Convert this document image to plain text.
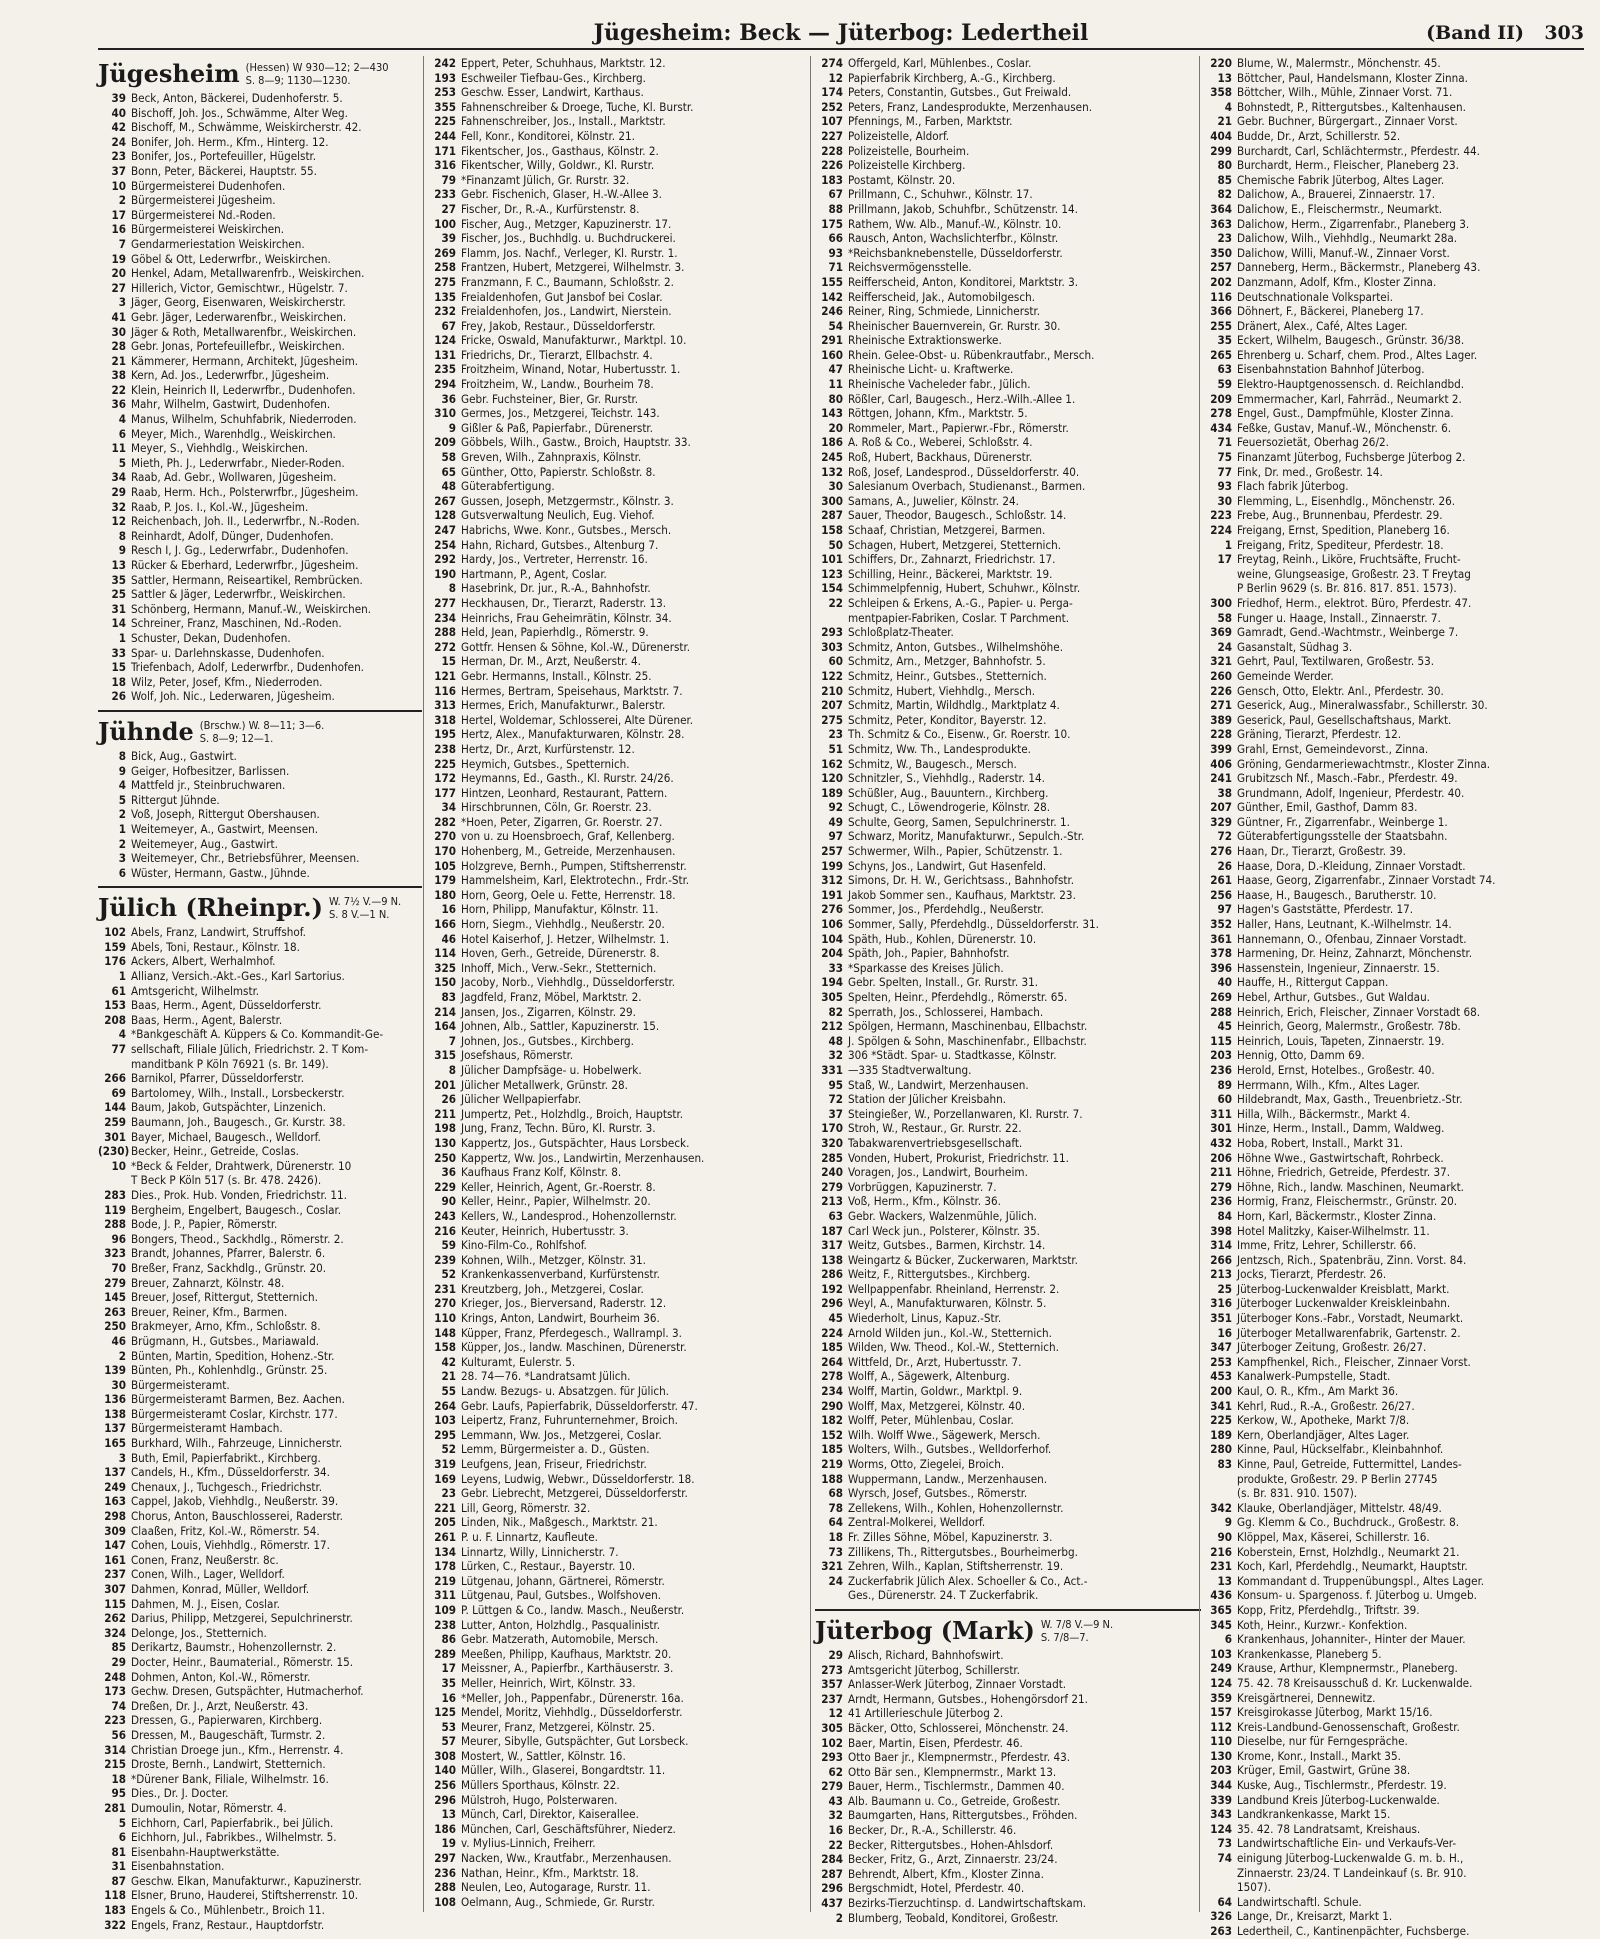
Jügesheim: Beck — Jüterbog: Ledertheil	(Band II) 303
Jügesheim (Hessen) W 930—12; 2—430
S. 8—9; 1130—1230.
39 Beck, Anton, Bäckerei, Dudenhoferstr. 5.
40 Bischoff, Joh. Jos., Schwämme, Alter Weg.
42 Bischoff, M., Schwämme, Weiskircherstr. 42.
24 Bonifer, Joh. Herm., Kfm., Hinterg. 12.
23 Bonifer, Jos., Portefeuiller, Hügelstr.
37 Bonn, Peter, Bäckerei, Hauptstr. 55.
10 Bürgermeisterei Dudenhofen.
2 Bürgermeisterei Jügesheim.
17 Bürgermeisterei Nd.-Roden.
16 Bürgermeisterei Weiskirchen.
7 Gendarmeriestation Weiskirchen.
19 Göbel & Ott, Lederwrfbr., Weiskirchen.
20 Henkel, Adam, Metallwarenfrb., Weiskirchen.
27 Hillerich, Victor, Gemischtwr., Hügelstr. 7.
3 Jäger, Georg, Eisenwaren, Weiskircherstr.
41 Gebr. Jäger, Lederwarenfbr., Weiskirchen.
30 Jäger & Roth, Metallwarenfbr., Weiskirchen.
28 Gebr. Jonas, Portefeuillefbr., Weiskirchen.
21 Kämmerer, Hermann, Architekt, Jügesheim.
38 Kern, Ad. Jos., Lederwrfbr., Jügesheim.
22 Klein, Heinrich II, Lederwrfbr., Dudenhofen.
36 Mahr, Wilhelm, Gastwirt, Dudenhofen.
4 Manus, Wilhelm, Schuhfabrik, Niederroden.
6 Meyer, Mich., Warenhdlg., Weiskirchen.
11 Meyer, S., Viehhdlg., Weiskirchen.
5 Mieth, Ph. J., Lederwrfabr., Nieder-Roden.
34 Raab, Ad. Gebr., Wollwaren, Jügesheim.
29 Raab, Herm. Hch., Polsterwrfbr., Jügesheim.
32 Raab, P. Jos. I., Kol.-W., Jügesheim.
12 Reichenbach, Joh. II., Lederwrfbr., N.-Roden.
8 Reinhardt, Adolf, Dünger, Dudenhofen.
9 Resch I, J. Gg., Lederwrfabr., Dudenhofen.
13 Rücker & Eberhard, Lederwrfbr., Jügesheim.
35 Sattler, Hermann, Reiseartikel, Rembrücken.
25 Sattler & Jäger, Lederwrfbr., Weiskirchen.
31 Schönberg, Hermann, Manuf.-W., Weiskirchen.
14 Schreiner, Franz, Maschinen, Nd.-Roden.
1 Schuster, Dekan, Dudenhofen.
33 Spar- u. Darlehnskasse, Dudenhofen.
15 Triefenbach, Adolf, Lederwrfbr., Dudenhofen.
18 Wilz, Peter, Josef, Kfm., Niederroden.
26 Wolf, Joh. Nic., Lederwaren, Jügesheim.
Jühnde (Brschw.) W. 8—11; 3—6.
S. 8—9; 12—1.
8 Bick, Aug., Gastwirt.
9 Geiger, Hofbesitzer, Barlissen.
4 Mattfeld jr., Steinbruchwaren.
5 Rittergut Jühnde.
2 Voß, Joseph, Rittergut Obershausen.
1 Weitemeyer, A., Gastwirt, Meensen.
2 Weitemeyer, Aug., Gastwirt.
3 Weitemeyer, Chr., Betriebsführer, Meensen.
6 Wüster, Hermann, Gastw., Jühnde.
Jülich (Rheinpr.) W. 7½ V.—9 N.
S. 8 V.—1 N.
102 Abels, Franz, Landwirt, Struffshof.
159 Abels, Toni, Restaur., Kölnstr. 18.
176 Ackers, Albert, Werhalmhof.
1 Allianz, Versich.-Akt.-Ges., Karl Sartorius.
61 Amtsgericht, Wilhelmstr.
153 Baas, Herm., Agent, Düsseldorferstr.
208 Baas, Herm., Agent, Balerstr.
4 *Bankgeschäft A. Küppers & Co. Kommandit-Ge-
77 sellschaft, Filiale Jülich, Friedrichstr. 2. T Kom-
manditbank P Köln 76921 (s. Br. 149).
266 Barnikol, Pfarrer, Düsseldorferstr.
69 Bartolomey, Wilh., Install., Lorsbeckerstr.
144 Baum, Jakob, Gutspächter, Linzenich.
259 Baumann, Joh., Baugesch., Gr. Kurstr. 38.
301 Bayer, Michael, Baugesch., Welldorf.
(230) Becker, Heinr., Getreide, Coslas.
10 *Beck & Felder, Drahtwerk, Dürenerstr. 10
T Beck P Köln 517 (s. Br. 478. 2426).
283 Dies., Prok. Hub. Vonden, Friedrichstr. 11.
119 Bergheim, Engelbert, Baugesch., Coslar.
288 Bode, J. P., Papier, Römerstr.
96 Bongers, Theod., Sackhdlg., Römerstr. 2.
323 Brandt, Johannes, Pfarrer, Balerstr. 6.
70 Breßer, Franz, Sackhdlg., Grünstr. 20.
279 Breuer, Zahnarzt, Kölnstr. 48.
145 Breuer, Josef, Rittergut, Stetternich.
263 Breuer, Reiner, Kfm., Barmen.
250 Brakmeyer, Arno, Kfm., Schloßstr. 8.
46 Brügmann, H., Gutsbes., Mariawald.
2 Bünten, Martin, Spedition, Hohenz.-Str.
139 Bünten, Ph., Kohlenhdlg., Grünstr. 25.
30 Bürgermeisteramt.
136 Bürgermeisteramt Barmen, Bez. Aachen.
138 Bürgermeisteramt Coslar, Kirchstr. 177.
137 Bürgermeisteramt Hambach.
165 Burkhard, Wilh., Fahrzeuge, Linnicherstr.
3 Buth, Emil, Papierfabrikt., Kirchberg.
137 Candels, H., Kfm., Düsseldorferstr. 34.
249 Chenaux, J., Tuchgesch., Friedrichstr.
163 Cappel, Jakob, Viehhdlg., Neußerstr. 39.
298 Chorus, Anton, Bauschlosserei, Raderstr.
309 Claaßen, Fritz, Kol.-W., Römerstr. 54.
147 Cohen, Louis, Viehhdlg., Römerstr. 17.
161 Conen, Franz, Neußerstr. 8c.
237 Conen, Wilh., Lager, Welldorf.
307 Dahmen, Konrad, Müller, Welldorf.
115 Dahmen, M. J., Eisen, Coslar.
262 Darius, Philipp, Metzgerei, Sepulchrinerstr.
324 Delonge, Jos., Stetternich.
85 Derikartz, Baumstr., Hohenzollernstr. 2.
29 Docter, Heinr., Baumaterial., Römerstr. 15.
248 Dohmen, Anton, Kol.-W., Römerstr.
173 Gechw. Dresen, Gutspächter, Hutmacherhof.
74 Dreßen, Dr. J., Arzt, Neußerstr. 43.
223 Dressen, G., Papierwaren, Kirchberg.
56 Dressen, M., Baugeschäft, Turmstr. 2.
314 Christian Droege jun., Kfm., Herrenstr. 4.
215 Droste, Bernh., Landwirt, Stetternich.
18 *Dürener Bank, Filiale, Wilhelmstr. 16.
95 Dies., Dr. J. Docter.
281 Dumoulin, Notar, Römerstr. 4.
5 Eichhorn, Carl, Papierfabrik., bei Jülich.
6 Eichhorn, Jul., Fabrikbes., Wilhelmstr. 5.
81 Eisenbahn-Hauptwerkstätte.
31 Eisenbahnstation.
87 Geschw. Elkan, Manufakturwr., Kapuzinerstr.
118 Elsner, Bruno, Hauderei, Stiftsherrenstr. 10.
183 Engels & Co., Mühlenbetr., Broich 11.
322 Engels, Franz, Restaur., Hauptdorfstr.
242 Eppert, Peter, Schuhhaus, Marktstr. 12.
193 Eschweiler Tiefbau-Ges., Kirchberg.
253 Geschw. Esser, Landwirt, Karthaus.
355 Fahnenschreiber & Droege, Tuche, Kl. Burstr.
225 Fahnenschreiber, Jos., Install., Marktstr.
244 Fell, Konr., Konditorei, Kölnstr. 21.
171 Fikentscher, Jos., Gasthaus, Kölnstr. 2.
316 Fikentscher, Willy, Goldwr., Kl. Rurstr.
79 *Finanzamt Jülich, Gr. Rurstr. 32.
233 Gebr. Fischenich, Glaser, H.-W.-Allee 3.
27 Fischer, Dr., R.-A., Kurfürstenstr. 8.
100 Fischer, Aug., Metzger, Kapuzinerstr. 17.
39 Fischer, Jos., Buchhdlg. u. Buchdruckerei.
269 Flamm, Jos. Nachf., Verleger, Kl. Rurstr. 1.
258 Frantzen, Hubert, Metzgerei, Wilhelmstr. 3.
275 Franzmann, F. C., Baumann, Schloßstr. 2.
135 Freialdenhofen, Gut Jansbof bei Coslar.
232 Freialdenhofen, Jos., Landwirt, Nierstein.
67 Frey, Jakob, Restaur., Düsseldorferstr.
124 Fricke, Oswald, Manufakturwr., Marktpl. 10.
131 Friedrichs, Dr., Tierarzt, Ellbachstr. 4.
235 Froitzheim, Winand, Notar, Hubertusstr. 1.
294 Froitzheim, W., Landw., Bourheim 78.
36 Gebr. Fuchsteiner, Bier, Gr. Rurstr.
310 Germes, Jos., Metzgerei, Teichstr. 143.
9 Gißler & Paß, Papierfabr., Dürenerstr.
209 Göbbels, Wilh., Gastw., Broich, Hauptstr. 33.
58 Greven, Wilh., Zahnpraxis, Kölnstr.
65 Günther, Otto, Papierstr. Schloßstr. 8.
48 Güterabfertigung.
267 Gussen, Joseph, Metzgermstr., Kölnstr. 3.
128 Gutsverwaltung Neulich, Eug. Viehof.
247 Habrichs, Wwe. Konr., Gutsbes., Mersch.
254 Hahn, Richard, Gutsbes., Altenburg 7.
292 Hardy, Jos., Vertreter, Herrenstr. 16.
190 Hartmann, P., Agent, Coslar.
8 Hasebrink, Dr. jur., R.-A., Bahnhofstr.
277 Heckhausen, Dr., Tierarzt, Raderstr. 13.
234 Heinrichs, Frau Geheimrätin, Kölnstr. 34.
288 Held, Jean, Papierhdlg., Römerstr. 9.
272 Gottfr. Hensen & Söhne, Kol.-W., Dürenerstr.
15 Herman, Dr. M., Arzt, Neußerstr. 4.
121 Gebr. Hermanns, Install., Kölnstr. 25.
116 Hermes, Bertram, Speisehaus, Marktstr. 7.
313 Hermes, Erich, Manufakturwr., Balerstr.
318 Hertel, Woldemar, Schlosserei, Alte Dürener.
195 Hertz, Alex., Manufakturwaren, Kölnstr. 28.
238 Hertz, Dr., Arzt, Kurfürstenstr. 12.
225 Heymich, Gutsbes., Spetternich.
172 Heymanns, Ed., Gasth., Kl. Rurstr. 24/26.
177 Hintzen, Leonhard, Restaurant, Pattern.
34 Hirschbrunnen, Cöln, Gr. Roerstr. 23.
282 *Hoen, Peter, Zigarren, Gr. Roerstr. 27.
270 von u. zu Hoensbroech, Graf, Kellenberg.
170 Hohenberg, M., Getreide, Merzenhausen.
105 Holzgreve, Bernh., Pumpen, Stiftsherrenstr.
179 Hammelsheim, Karl, Elektrotechn., Frdr.-Str.
180 Horn, Georg, Oele u. Fette, Herrenstr. 18.
16 Horn, Philipp, Manufaktur, Kölnstr. 11.
166 Horn, Siegm., Viehhdlg., Neußerstr. 20.
46 Hotel Kaiserhof, J. Hetzer, Wilhelmstr. 1.
114 Hoven, Gerh., Getreide, Dürenerstr. 8.
325 Inhoff, Mich., Verw.-Sekr., Stetternich.
150 Jacoby, Norb., Viehhdlg., Düsseldorferstr.
83 Jagdfeld, Franz, Möbel, Marktstr. 2.
214 Jansen, Jos., Zigarren, Kölnstr. 29.
164 Johnen, Alb., Sattler, Kapuzinerstr. 15.
7 Johnen, Jos., Gutsbes., Kirchberg.
315 Josefshaus, Römerstr.
8 Jülicher Dampfsäge- u. Hobelwerk.
201 Jülicher Metallwerk, Grünstr. 28.
26 Jülicher Wellpapierfabr.
211 Jumpertz, Pet., Holzhdlg., Broich, Hauptstr.
198 Jung, Franz, Techn. Büro, Kl. Rurstr. 3.
130 Kappertz, Jos., Gutspächter, Haus Lorsbeck.
250 Kappertz, Ww. Jos., Landwirtin, Merzenhausen.
36 Kaufhaus Franz Kolf, Kölnstr. 8.
229 Keller, Heinrich, Agent, Gr.-Roerstr. 8.
90 Keller, Heinr., Papier, Wilhelmstr. 20.
243 Kellers, W., Landesprod., Hohenzollernstr.
216 Keuter, Heinrich, Hubertusstr. 3.
59 Kino-Film-Co., Rohlfshof.
239 Kohnen, Wilh., Metzger, Kölnstr. 31.
52 Krankenkassenverband, Kurfürstenstr.
231 Kreutzberg, Joh., Metzgerei, Coslar.
270 Krieger, Jos., Bierversand, Raderstr. 12.
110 Krings, Anton, Landwirt, Bourheim 36.
148 Küpper, Franz, Pferdegesch., Wallrampl. 3.
158 Küpper, Jos., landw. Maschinen, Dürenerstr.
42 Kulturamt, Eulerstr. 5.
21 28. 74—76. *Landratsamt Jülich.
55 Landw. Bezugs- u. Absatzgen. für Jülich.
264 Gebr. Laufs, Papierfabrik, Düsseldorferstr. 47.
103 Leipertz, Franz, Fuhrunternehmer, Broich.
295 Lemmann, Ww. Jos., Metzgerei, Coslar.
52 Lemm, Bürgermeister a. D., Güsten.
319 Leufgens, Jean, Friseur, Friedrichstr.
169 Leyens, Ludwig, Webwr., Düsseldorferstr. 18.
23 Gebr. Liebrecht, Metzgerei, Düsseldorferstr.
221 Lill, Georg, Römerstr. 32.
205 Linden, Nik., Maßgesch., Marktstr. 21.
261 P. u. F. Linnartz, Kaufleute.
134 Linnartz, Willy, Linnicherstr. 7.
178 Lürken, C., Restaur., Bayerstr. 10.
219 Lütgenau, Johann, Gärtnerei, Römerstr.
311 Lütgenau, Paul, Gutsbes., Wolfshoven.
109 P. Lüttgen & Co., landw. Masch., Neußerstr.
238 Lutter, Anton, Holzhdlg., Pasqualinistr.
86 Gebr. Matzerath, Automobile, Mersch.
289 Meeßen, Philipp, Kaufhaus, Marktstr. 20.
17 Meissner, A., Papierfbr., Karthäuserstr. 3.
35 Meller, Heinrich, Wirt, Kölnstr. 33.
16 *Meller, Joh., Pappenfabr., Dürenerstr. 16a.
125 Mendel, Moritz, Viehhdlg., Düsseldorferstr.
53 Meurer, Franz, Metzgerei, Kölnstr. 25.
57 Meurer, Sibylle, Gutspächter, Gut Lorsbeck.
308 Mostert, W., Sattler, Kölnstr. 16.
140 Müller, Wilh., Glaserei, Bongardtstr. 11.
256 Müllers Sporthaus, Kölnstr. 22.
296 Mülstroh, Hugo, Polsterwaren.
13 Münch, Carl, Direktor, Kaiserallee.
186 München, Carl, Geschäftsführer, Niederz.
19 v. Mylius-Linnich, Freiherr.
297 Nacken, Ww., Krautfabr., Merzenhausen.
236 Nathan, Heinr., Kfm., Marktstr. 18.
288 Neulen, Leo, Autogarage, Rurstr. 11.
108 Oelmann, Aug., Schmiede, Gr. Rurstr.
274 Offergeld, Karl, Mühlenbes., Coslar.
12 Papierfabrik Kirchberg, A.-G., Kirchberg.
174 Peters, Constantin, Gutsbes., Gut Freiwald.
252 Peters, Franz, Landesprodukte, Merzenhausen.
107 Pfennings, M., Farben, Marktstr.
227 Polizeistelle, Aldorf.
228 Polizeistelle, Bourheim.
226 Polizeistelle Kirchberg.
183 Postamt, Kölnstr. 20.
67 Prillmann, C., Schuhwr., Kölnstr. 17.
88 Prillmann, Jakob, Schuhfbr., Schützenstr. 14.
175 Rathem, Ww. Alb., Manuf.-W., Kölnstr. 10.
66 Rausch, Anton, Wachslichterfbr., Kölnstr.
93 *Reichsbanknebenstelle, Düsseldorferstr.
71 Reichsvermögensstelle.
155 Reifferscheid, Anton, Konditorei, Marktstr. 3.
142 Reifferscheid, Jak., Automobilgesch.
246 Reiner, Ring, Schmiede, Linnicherstr.
54 Rheinischer Bauernverein, Gr. Rurstr. 30.
291 Rheinische Extraktionswerke.
160 Rhein. Gelee-Obst- u. Rübenkrautfabr., Mersch.
47 Rheinische Licht- u. Kraftwerke.
11 Rheinische Vacheleder fabr., Jülich.
80 Rößler, Carl, Baugesch., Herz.-Wilh.-Allee 1.
143 Röttgen, Johann, Kfm., Marktstr. 5.
20 Rommeler, Mart., Papierwr.-Fbr., Römerstr.
186 A. Roß & Co., Weberei, Schloßstr. 4.
245 Roß, Hubert, Backhaus, Dürenerstr.
132 Roß, Josef, Landesprod., Düsseldorferstr. 40.
30 Salesianum Overbach, Studienanst., Barmen.
300 Samans, A., Juwelier, Kölnstr. 24.
287 Sauer, Theodor, Baugesch., Schloßstr. 14.
158 Schaaf, Christian, Metzgerei, Barmen.
50 Schagen, Hubert, Metzgerei, Stetternich.
101 Schiffers, Dr., Zahnarzt, Friedrichstr. 17.
123 Schilling, Heinr., Bäckerei, Marktstr. 19.
154 Schimmelpfennig, Hubert, Schuhwr., Kölnstr.
22 Schleipen & Erkens, A.-G., Papier- u. Perga-
mentpapier-Fabriken, Coslar. T Parchment.
293 Schloßplatz-Theater.
303 Schmitz, Anton, Gutsbes., Wilhelmshöhe.
60 Schmitz, Arn., Metzger, Bahnhofstr. 5.
122 Schmitz, Heinr., Gutsbes., Stetternich.
210 Schmitz, Hubert, Viehhdlg., Mersch.
207 Schmitz, Martin, Wildhdlg., Marktplatz 4.
275 Schmitz, Peter, Konditor, Bayerstr. 12.
23 Th. Schmitz & Co., Eisenw., Gr. Roerstr. 10.
51 Schmitz, Ww. Th., Landesprodukte.
162 Schmitz, W., Baugesch., Mersch.
120 Schnitzler, S., Viehhdlg., Raderstr. 14.
189 Schüßler, Aug., Bauuntern., Kirchberg.
92 Schugt, C., Löwendrogerie, Kölnstr. 28.
49 Schulte, Georg, Samen, Sepulchrinerstr. 1.
97 Schwarz, Moritz, Manufakturwr., Sepulch.-Str.
257 Schwermer, Wilh., Papier, Schützenstr. 1.
199 Schyns, Jos., Landwirt, Gut Hasenfeld.
312 Simons, Dr. H. W., Gerichtsass., Bahnhofstr.
191 Jakob Sommer sen., Kaufhaus, Marktstr. 23.
276 Sommer, Jos., Pferdehdlg., Neußerstr.
106 Sommer, Sally, Pferdehdlg., Düsseldorferstr. 31.
104 Späth, Hub., Kohlen, Dürenerstr. 10.
204 Späth, Joh., Papier, Bahnhofstr.
33 *Sparkasse des Kreises Jülich.
194 Gebr. Spelten, Install., Gr. Rurstr. 31.
305 Spelten, Heinr., Pferdehdlg., Römerstr. 65.
82 Sperrath, Jos., Schlosserei, Hambach.
212 Spölgen, Hermann, Maschinenbau, Ellbachstr.
48 J. Spölgen & Sohn, Maschinenfabr., Ellbachstr.
32 306 *Städt. Spar- u. Stadtkasse, Kölnstr.
331 —335 Stadtverwaltung.
95 Staß, W., Landwirt, Merzenhausen.
72 Station der Jülicher Kreisbahn.
37 Steingießer, W., Porzellanwaren, Kl. Rurstr. 7.
170 Stroh, W., Restaur., Gr. Rurstr. 22.
320 Tabakwarenvertriebsgesellschaft.
285 Vonden, Hubert, Prokurist, Friedrichstr. 11.
240 Voragen, Jos., Landwirt, Bourheim.
279 Vorbrüggen, Kapuzinerstr. 7.
213 Voß, Herm., Kfm., Kölnstr. 36.
63 Gebr. Wackers, Walzenmühle, Jülich.
187 Carl Weck jun., Polsterer, Kölnstr. 35.
317 Weitz, Gutsbes., Barmen, Kirchstr. 14.
138 Weingartz & Bücker, Zuckerwaren, Marktstr.
286 Weitz, F., Rittergutsbes., Kirchberg.
192 Wellpappenfabr. Rheinland, Herrenstr. 2.
296 Weyl, A., Manufakturwaren, Kölnstr. 5.
45 Wiederholt, Linus, Kapuz.-Str.
224 Arnold Wilden jun., Kol.-W., Stetternich.
185 Wilden, Ww. Theod., Kol.-W., Stetternich.
264 Wittfeld, Dr., Arzt, Hubertusstr. 7.
278 Wolff, A., Sägewerk, Altenburg.
234 Wolff, Martin, Goldwr., Marktpl. 9.
290 Wolff, Max, Metzgerei, Kölnstr. 40.
182 Wolff, Peter, Mühlenbau, Coslar.
152 Wilh. Wolff Wwe., Sägewerk, Mersch.
185 Wolters, Wilh., Gutsbes., Welldorferhof.
219 Worms, Otto, Ziegelei, Broich.
188 Wuppermann, Landw., Merzenhausen.
68 Wyrsch, Josef, Gutsbes., Römerstr.
78 Zellekens, Wilh., Kohlen, Hohenzollernstr.
64 Zentral-Molkerei, Welldorf.
18 Fr. Zilles Söhne, Möbel, Kapuzinerstr. 3.
73 Zillikens, Th., Rittergutsbes., Bourheimerbg.
321 Zehren, Wilh., Kaplan, Stiftsherrenstr. 19.
24 Zuckerfabrik Jülich Alex. Schoeller & Co., Act.-
Ges., Dürenerstr. 24. T Zuckerfabrik.
Jüterbog (Mark) W. 7/8 V.—9 N.
S. 7/8—7.
29 Alisch, Richard, Bahnhofswirt.
273 Amtsgericht Jüterbog, Schillerstr.
357 Anlasser-Werk Jüterbog, Zinnaer Vorstadt.
237 Arndt, Hermann, Gutsbes., Hohengörsdorf 21.
12 41 Artillerieschule Jüterbog 2.
305 Bäcker, Otto, Schlosserei, Mönchenstr. 24.
102 Baer, Martin, Eisen, Pferdestr. 46.
293 Otto Baer jr., Klempnermstr., Pferdestr. 43.
62 Otto Bär sen., Klempnermstr., Markt 13.
279 Bauer, Herm., Tischlermstr., Dammen 40.
43 Alb. Baumann u. Co., Getreide, Großestr.
32 Baumgarten, Hans, Rittergutsbes., Fröhden.
16 Becker, Dr., R.-A., Schillerstr. 46.
22 Becker, Rittergutsbes., Hohen-Ahlsdorf.
284 Becker, Fritz, G., Arzt, Zinnaerstr. 23/24.
287 Behrendt, Albert, Kfm., Kloster Zinna.
296 Bergschmidt, Hotel, Pferdestr. 40.
437 Bezirks-Tierzuchtinsp. d. Landwirtschaftskam.
2 Blumberg, Teobald, Konditorei, Großestr.
220 Blume, W., Malermstr., Mönchenstr. 45.
13 Böttcher, Paul, Handelsmann, Kloster Zinna.
358 Böttcher, Wilh., Mühle, Zinnaer Vorst. 71.
4 Bohnstedt, P., Rittergutsbes., Kaltenhausen.
21 Gebr. Buchner, Bürgergart., Zinnaer Vorst.
404 Budde, Dr., Arzt, Schillerstr. 52.
299 Burchardt, Carl, Schlächtermstr., Pferdestr. 44.
80 Burchardt, Herm., Fleischer, Planeberg 23.
85 Chemische Fabrik Jüterbog, Altes Lager.
82 Dalichow, A., Brauerei, Zinnaerstr. 17.
364 Dalichow, E., Fleischermstr., Neumarkt.
363 Dalichow, Herm., Zigarrenfabr., Planeberg 3.
23 Dalichow, Wilh., Viehhdlg., Neumarkt 28a.
350 Dalichow, Willi, Manuf.-W., Zinnaer Vorst.
257 Danneberg, Herm., Bäckermstr., Planeberg 43.
202 Danzmann, Adolf, Kfm., Kloster Zinna.
116 Deutschnationale Volkspartei.
366 Döhnert, F., Bäckerei, Planeberg 17.
255 Dränert, Alex., Café, Altes Lager.
35 Eckert, Wilhelm, Baugesch., Grünstr. 36/38.
265 Ehrenberg u. Scharf, chem. Prod., Altes Lager.
63 Eisenbahnstation Bahnhof Jüterbog.
59 Elektro-Hauptgenossensch. d. Reichlandbd.
209 Emmermacher, Karl, Fahrräd., Neumarkt 2.
278 Engel, Gust., Dampfmühle, Kloster Zinna.
434 Feßke, Gustav, Manuf.-W., Mönchenstr. 6.
71 Feuersozietät, Oberhag 26/2.
75 Finanzamt Jüterbog, Fuchsberge Jüterbog 2.
77 Fink, Dr. med., Großestr. 14.
93 Flach fabrik Jüterbog.
30 Flemming, L., Eisenhdlg., Mönchenstr. 26.
223 Frebe, Aug., Brunnenbau, Pferdestr. 29.
224 Freigang, Ernst, Spedition, Planeberg 16.
1 Freigang, Fritz, Spediteur, Pferdestr. 18.
17 Freytag, Reinh., Liköre, Fruchtsäfte, Frucht-
weine, Glungseasige, Großestr. 23. T Freytag
P Berlin 9629 (s. Br. 816. 817. 851. 1573).
300 Friedhof, Herm., elektrot. Büro, Pferdestr. 47.
58 Funger u. Haage, Install., Zinnaerstr. 7.
369 Gamradt, Gend.-Wachtmstr., Weinberge 7.
24 Gasanstalt, Südhag 3.
321 Gehrt, Paul, Textilwaren, Großestr. 53.
260 Gemeinde Werder.
226 Gensch, Otto, Elektr. Anl., Pferdestr. 30.
271 Geserick, Aug., Mineralwassfabr., Schillerstr. 30.
389 Geserick, Paul, Gesellschaftshaus, Markt.
228 Gräning, Tierarzt, Pferdestr. 12.
399 Grahl, Ernst, Gemeindevorst., Zinna.
406 Gröning, Gendarmeriewachtmstr., Kloster Zinna.
241 Grubitzsch Nf., Masch.-Fabr., Pferdestr. 49.
38 Grundmann, Adolf, Ingenieur, Pferdestr. 40.
207 Günther, Emil, Gasthof, Damm 83.
329 Güntner, Fr., Zigarrenfabr., Weinberge 1.
72 Güterabfertigungsstelle der Staatsbahn.
276 Haan, Dr., Tierarzt, Großestr. 39.
26 Haase, Dora, D.-Kleidung, Zinnaer Vorstadt.
261 Haase, Georg, Zigarrenfabr., Zinnaer Vorstadt 74.
256 Haase, H., Baugesch., Barutherstr. 10.
97 Hagen's Gaststätte, Pferdestr. 17.
352 Haller, Hans, Leutnant, K.-Wilhelmstr. 14.
361 Hannemann, O., Ofenbau, Zinnaer Vorstadt.
378 Harmening, Dr. Heinz, Zahnarzt, Mönchenstr.
396 Hassenstein, Ingenieur, Zinnaerstr. 15.
40 Hauffe, H., Rittergut Cappan.
269 Hebel, Arthur, Gutsbes., Gut Waldau.
288 Heinrich, Erich, Fleischer, Zinnaer Vorstadt 68.
45 Heinrich, Georg, Malermstr., Großestr. 78b.
115 Heinrich, Louis, Tapeten, Zinnaerstr. 19.
203 Hennig, Otto, Damm 69.
236 Herold, Ernst, Hotelbes., Großestr. 40.
89 Herrmann, Wilh., Kfm., Altes Lager.
60 Hildebrandt, Max, Gasth., Treuenbrietz.-Str.
311 Hilla, Wilh., Bäckermstr., Markt 4.
301 Hinze, Herm., Install., Damm, Waldweg.
432 Hoba, Robert, Install., Markt 31.
206 Höhne Wwe., Gastwirtschaft, Rohrbeck.
211 Höhne, Friedrich, Getreide, Pferdestr. 37.
279 Höhne, Rich., landw. Maschinen, Neumarkt.
236 Hormig, Franz, Fleischermstr., Grünstr. 20.
84 Horn, Karl, Bäckermstr., Kloster Zinna.
398 Hotel Malitzky, Kaiser-Wilhelmstr. 11.
314 Imme, Fritz, Lehrer, Schillerstr. 66.
266 Jentzsch, Rich., Spatenbräu, Zinn. Vorst. 84.
213 Jocks, Tierarzt, Pferdestr. 26.
25 Jüterbog-Luckenwalder Kreisblatt, Markt.
316 Jüterboger Luckenwalder Kreiskleinbahn.
351 Jüterboger Kons.-Fabr., Vorstadt, Neumarkt.
16 Jüterboger Metallwarenfabrik, Gartenstr. 2.
347 Jüterboger Zeitung, Großestr. 26/27.
253 Kampfhenkel, Rich., Fleischer, Zinnaer Vorst.
453 Kanalwerk-Pumpstelle, Stadt.
200 Kaul, O. R., Kfm., Am Markt 36.
341 Kehrl, Rud., R.-A., Großestr. 26/27.
225 Kerkow, W., Apotheke, Markt 7/8.
189 Kern, Oberlandjäger, Altes Lager.
280 Kinne, Paul, Hückselfabr., Kleinbahnhof.
83 Kinne, Paul, Getreide, Futtermittel, Landes-
produkte, Großestr. 29. P Berlin 27745
(s. Br. 831. 910. 1507).
342 Klauke, Oberlandjäger, Mittelstr. 48/49.
9 Gg. Klemm & Co., Buchdruck., Großestr. 8.
90 Klöppel, Max, Käserei, Schillerstr. 16.
216 Koberstein, Ernst, Holzhdlg., Neumarkt 21.
231 Koch, Karl, Pferdehdlg., Neumarkt, Hauptstr.
13 Kommandant d. Truppenübungspl., Altes Lager.
436 Konsum- u. Spargenoss. f. Jüterbog u. Umgeb.
365 Kopp, Fritz, Pferdehdlg., Triftstr. 39.
345 Koth, Heinr., Kurzwr.- Konfektion.
6 Krankenhaus, Johanniter-, Hinter der Mauer.
103 Krankenkasse, Planeberg 5.
249 Krause, Arthur, Klempnermstr., Planeberg.
124 75. 42. 78 Kreisausschuß d. Kr. Luckenwalde.
359 Kreisgärtnerei, Dennewitz.
157 Kreisgirokasse Jüterbog, Markt 15/16.
112 Kreis-Landbund-Genossenschaft, Großestr.
110 Dieselbe, nur für Ferngespräche.
130 Krome, Konr., Install., Markt 35.
203 Krüger, Emil, Gastwirt, Grüne 38.
344 Kuske, Aug., Tischlermstr., Pferdestr. 19.
339 Landbund Kreis Jüterbog-Luckenwalde.
343 Landkrankenkasse, Markt 15.
124 35. 42. 78 Landratsamt, Kreishaus.
73 Landwirtschaftliche Ein- und Verkaufs-Ver-
74 einigung Jüterbog-Luckenwalde G. m. b. H.,
Zinnaerstr. 23/24. T Landeinkauf (s. Br. 910.
1507).
64 Landwirtschaftl. Schule.
326 Lange, Dr., Kreisarzt, Markt 1.
263 Ledertheil, C., Kantinenpächter, Fuchsberge.
